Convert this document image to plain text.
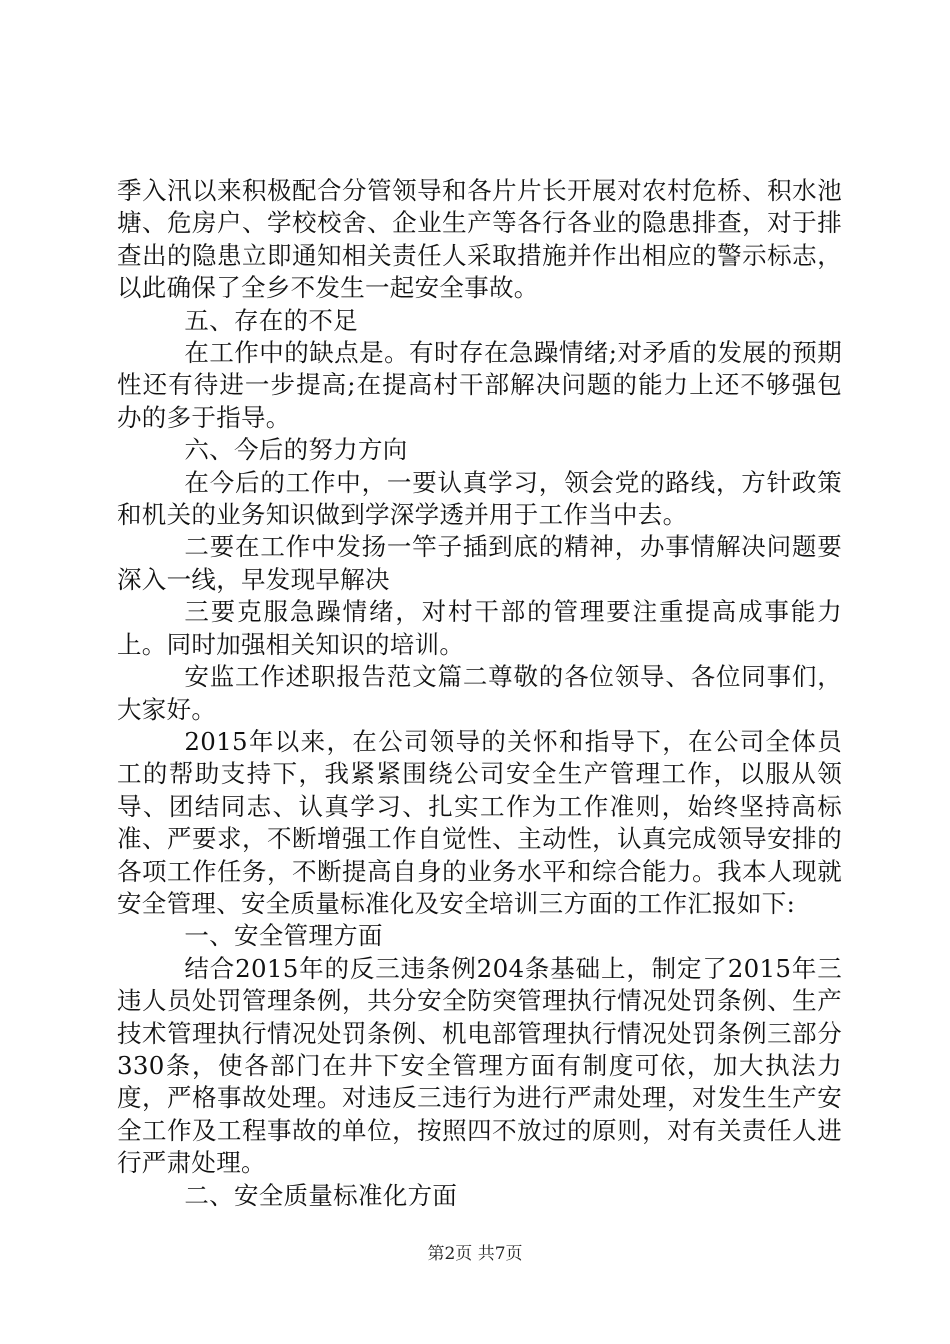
季入汛以来积极配合分管领导和各片片长开展对农村危桥、积水池塘、危房户、学校校舍、企业生产等各行各业的隐患排查，对于排查出的隐患立即通知相关责任人采取措施并作出相应的警示标志，以此确保了全乡不发生一起安全事故。

五、存在的不足

在工作中的缺点是。有时存在急躁情绪;对矛盾的发展的预期性还有待进一步提高;在提高村干部解决问题的能力上还不够强包办的多于指导。

六、今后的努力方向

在今后的工作中，一要认真学习，领会党的路线，方针政策和机关的业务知识做到学深学透并用于工作当中去。

二要在工作中发扬一竿子插到底的精神，办事情解决问题要深入一线，早发现早解决

三要克服急躁情绪，对村干部的管理要注重提高成事能力上。同时加强相关知识的培训。

安监工作述职报告范文篇二尊敬的各位领导、各位同事们，大家好。

2015年以来，在公司领导的关怀和指导下，在公司全体员工的帮助支持下，我紧紧围绕公司安全生产管理工作，以服从领导、团结同志、认真学习、扎实工作为工作准则，始终坚持高标准、严要求，不断增强工作自觉性、主动性，认真完成领导安排的各项工作任务，不断提高自身的业务水平和综合能力。我本人现就安全管理、安全质量标准化及安全培训三方面的工作汇报如下:

一、安全管理方面

结合2015年的反三违条例204条基础上，制定了2015年三违人员处罚管理条例，共分安全防突管理执行情况处罚条例、生产技术管理执行情况处罚条例、机电部管理执行情况处罚条例三部分330条，使各部门在井下安全管理方面有制度可依，加大执法力度，严格事故处理。对违反三违行为进行严肃处理，对发生生产安全工作及工程事故的单位，按照四不放过的原则，对有关责任人进行严肃处理。

二、安全质量标准化方面

第2页 共7页
